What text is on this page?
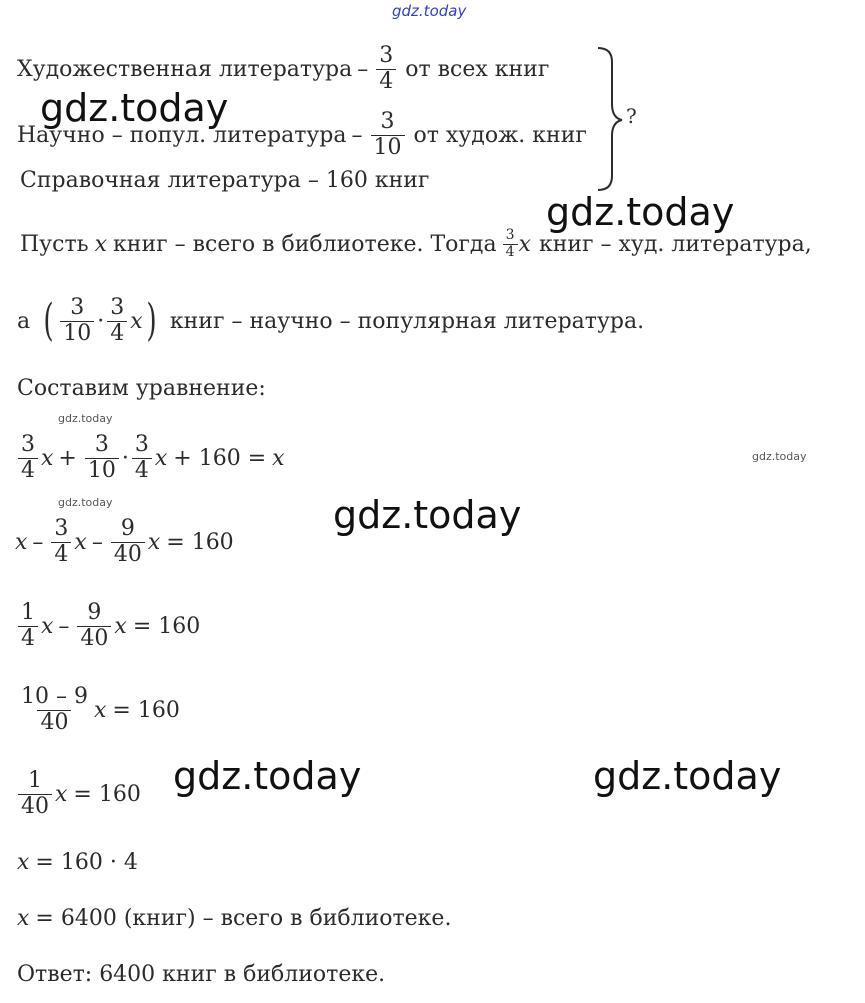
gdz.today
gdz.today
gdz.today
gdz.today
gdz.today	gdz.today
gdz.today
gdz.today
gdz.today
Художественная литература – $\frac{3}{4}$ от всех книг
Научно – попул. литература – $\frac{3}{10}$ от худож. книг
Справочная литература – 160 книг
?
Пусть x книг – всего в библиотеке. Тогда $\frac{3}{4}$ x книг – худ. литература,
а ( $\frac{3}{10} \cdot \frac{3}{4}$ x ) книг – научно – популярная литература.
Составим уравнение:
$\frac{3}{4}$ $x + \frac{3}{10} \cdot \frac{3}{4}$ x + 160 = x
x – $\frac{3}{4}$ x – $\frac{9}{40}$ x = 160
$\frac{1}{4}$ x – $\frac{9}{40}$ x = 160
$\frac{10 - 9}{40}$ x = 160
$\frac{1}{40}$ x = 160
x = 160 · 4
x = 6400 (книг) – всего в библиотеке.
Ответ: 6400 книг в библиотеке.
